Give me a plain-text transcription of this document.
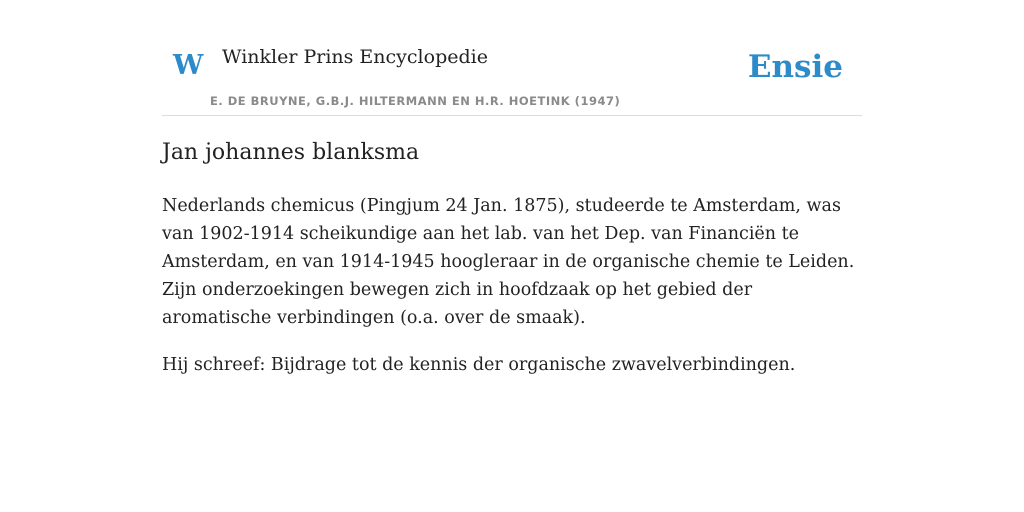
W Winkler Prins Encyclopedie
E. DE BRUYNE, G.B.J. HILTERMANN EN H.R. HOETINK (1947)
Ensie
Jan johannes blanksma

Nederlands chemicus (Pingjum 24 Jan. 1875), studeerde te Amsterdam, was van 1902-1914 scheikundige aan het lab. van het Dep. van Financiën te Amsterdam, en van 1914-1945 hoogleraar in de organische chemie te Leiden. Zijn onderzoekingen bewegen zich in hoofdzaak op het gebied der aromatische verbindingen (o.a. over de smaak).

Hij schreef: Bijdrage tot de kennis der organische zwavelverbindingen.
